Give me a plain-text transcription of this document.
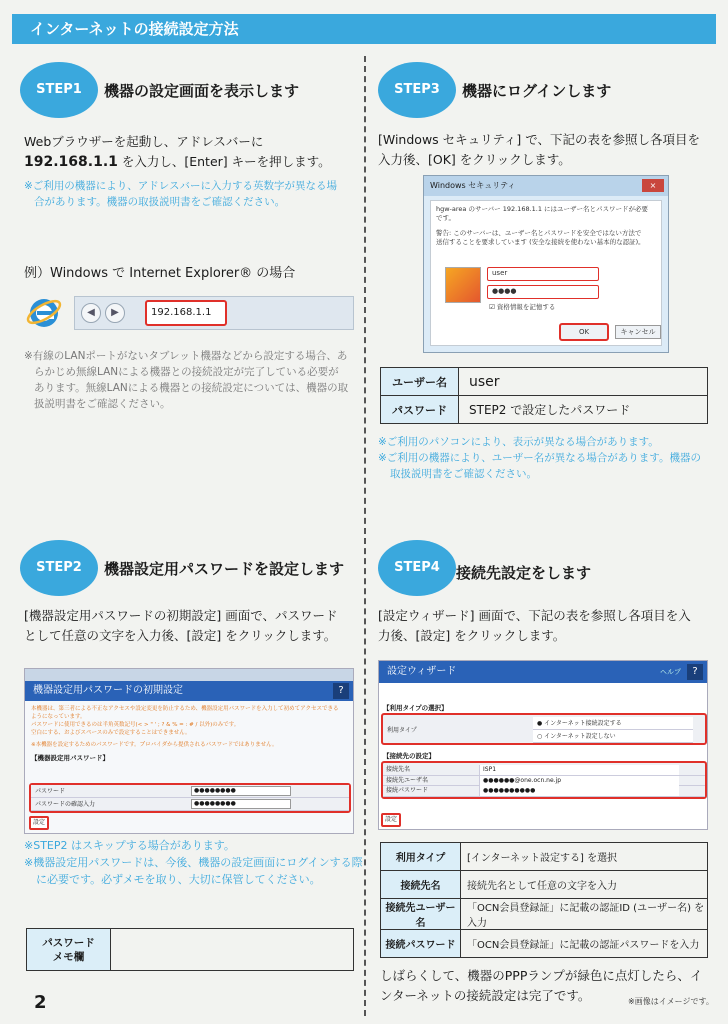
インターネットの接続設定方法
STEP1	機器の設定画面を表示します
Webブラウザーを起動し、アドレスバーに
192.168.1.1 を入力し、[Enter] キーを押します。
※ご利用の機器により、アドレスバーに入力する英数字が異なる場
合があります。機器の取扱説明書をご確認ください。
例）Windows で Internet Explorer® の場合
◀	▶	192.168.1.1
※有線のLANポートがないタブレット機器などから設定する場合、あ
らかじめ無線LANによる機器との接続設定が完了している必要が
あります。無線LANによる機器との接続設定については、機器の取
扱説明書をご確認ください。
STEP3	機器にログインします
[Windows セキュリティ] で、下記の表を参照し各項目を
入力後、[OK] をクリックします。
Windows セキュリティ	×
hgw-area のサーバー 192.168.1.1 にはユーザー名とパスワードが必要
です。
警告: このサーバーは、ユーザー名とパスワードを安全ではない方法で
送信することを要求しています (安全な接続を使わない基本的な認証)。
user
●●●●
☑ 資格情報を記憶する
OK	キャンセル
ユーザー名	user
パスワード	STEP2 で設定したパスワード
※ご利用のパソコンにより、表示が異なる場合があります。
※ご利用の機器により、ユーザー名が異なる場合があります。機器の
取扱説明書をご確認ください。
STEP2	機器設定用パスワードを設定します
[機器設定用パスワードの初期設定] 画面で、パスワード
として任意の文字を入力後、[設定] をクリックします。
機器設定用パスワードの初期設定	?
本機器は、第三者による不正なアクセスや設定変更を防止するため、機器設定用パスワードを入力して初めてアクセスできる
ようになっています。
パスワードに使用できるのは半角英数記号(< > " ' ; ? & % = : # / 以外)のみです。
空白にする、およびスペースのみで設定することはできません。
※本機器を設定するためのパスワードです。プロバイダから提供されるパスワードではありません。
【機器設定用パスワード】
パスワード	●●●●●●●●
パスワードの確認入力	●●●●●●●●
設定
※STEP2 はスキップする場合があります。
※機器設定用パスワードは、今後、機器の設定画面にログインする際
に必要です。必ずメモを取り、大切に保管してください。
パスワード
メモ欄

STEP4	接続先設定をします
[設定ウィザード] 画面で、下記の表を参照し各項目を入
力後、[設定] をクリックします。
設定ウィザード	ヘルプ	?
【利用タイプの選択】
利用タイプ
● インターネット接続設定する
○ インターネット設定しない
【接続先の設定】
接続先名	ISP1
接続先ユーザ名	●●●●●●@one.ocn.ne.jp
接続パスワード	●●●●●●●●●●
設定
利用タイプ	[インターネット設定する] を選択
接続先名	接続先名として任意の文字を入力
接続先ユーザー名	「OCN会員登録証」に記載の認証ID (ユーザー名) を入力
接続パスワード	「OCN会員登録証」に記載の認証パスワードを入力
しばらくして、機器のPPPランプが緑色に点灯したら、イ
ンターネットの接続設定は完了です。	※画像はイメージです。
2
